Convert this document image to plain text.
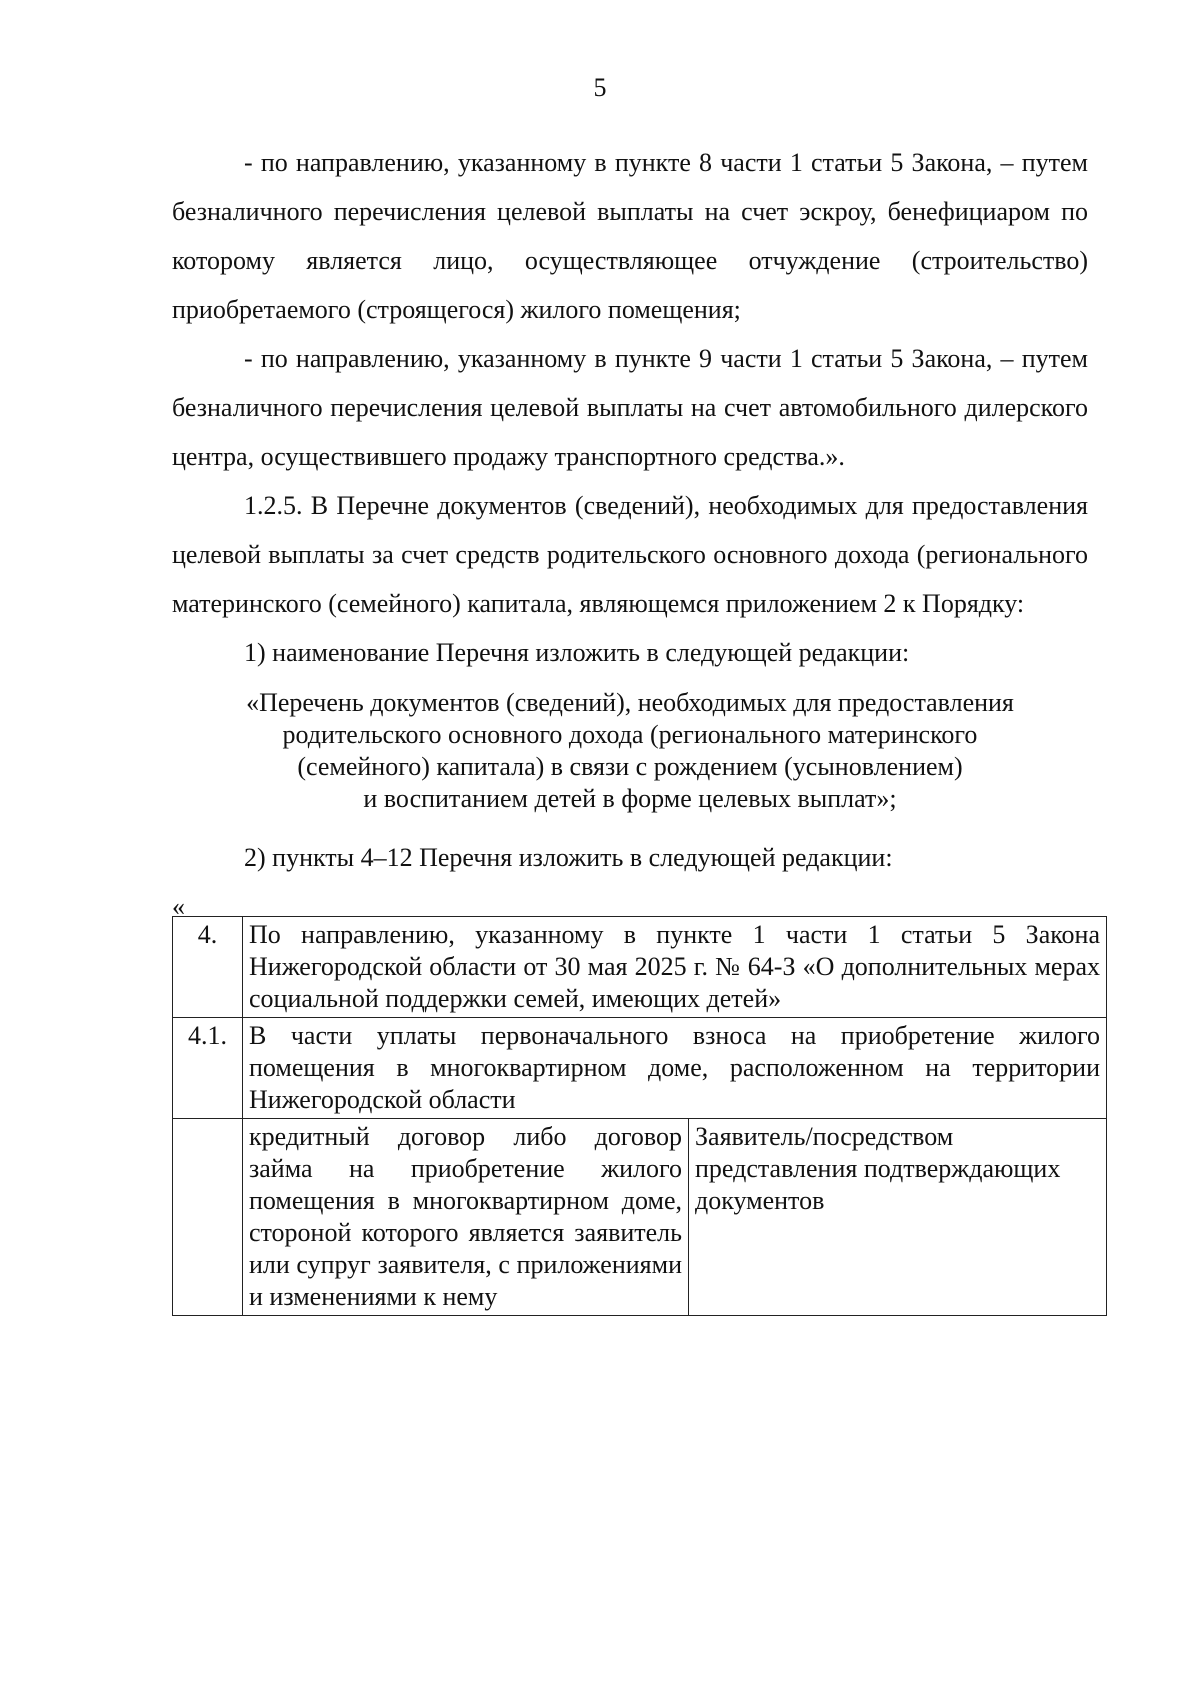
5

- по направлению, указанному в пункте 8 части 1 статьи 5 Закона, – путем безналичного перечисления целевой выплаты на счет эскроу, бенефициаром по которому является лицо, осуществляющее отчуждение (строительство) приобретаемого (строящегося) жилого помещения;

- по направлению, указанному в пункте 9 части 1 статьи 5 Закона, – путем безналичного перечисления целевой выплаты на счет автомобильного дилерского центра, осуществившего продажу транспортного средства.».

1.2.5. В Перечне документов (сведений), необходимых для предоставления целевой выплаты за счет средств родительского основного дохода (регионального материнского (семейного) капитала, являющемся приложением 2 к Порядку:

1) наименование Перечня изложить в следующей редакции:

«Перечень документов (сведений), необходимых для предоставления
родительского основного дохода (регионального материнского
(семейного) капитала) в связи с рождением (усыновлением)
и воспитанием детей в форме целевых выплат»;

2) пункты 4–12 Перечня изложить в следующей редакции:

«
4.	По направлению, указанному в пункте 1 части 1 статьи 5 Закона Нижегородской области от 30 мая 2025 г. № 64-З «О дополнительных мерах социальной поддержки семей, имеющих детей»	
4.1.	В части уплаты первоначального взноса на приобретение жилого помещения в многоквартирном доме, расположенном на территории Нижегородской области	
	кредитный договор либо договор займа на приобретение жилого помещения в многоквартирном доме, стороной которого является заявитель или супруг заявителя, с приложениями и изменениями к нему	Заявитель/посредством представления подтверждающих документов
